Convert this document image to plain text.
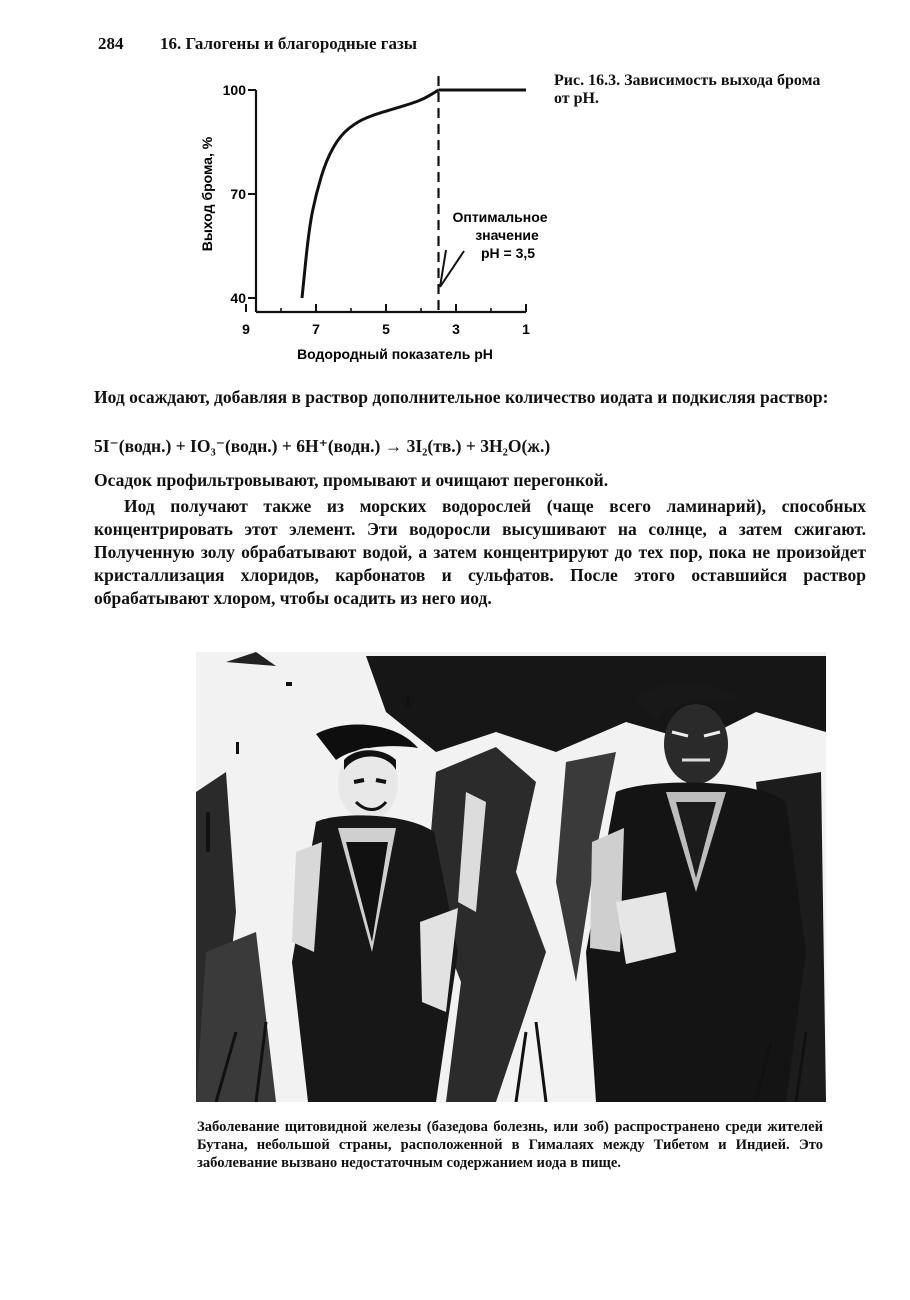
284 16. Галогены и благородные газы
100
70
40
9	7	5	3	1
Оптимальное
значение
pH = 3,5
Водородный показатель pH
Выход брома, %
Рис. 16.3. Зависимость выхода брома
от pH.
Иод осаждают, добавляя в раствор дополнительное количество иодата и подкисляя раствор:
5I⁻(водн.) + IO₃⁻(водн.) + 6H⁺(водн.) → 3I₂(тв.) + 3H₂O(ж.)
Осадок профильтровывают, промывают и очищают перегонкой.
Иод получают также из морских водорослей (чаще всего ламинарий), способных концентрировать этот элемент. Эти водоросли высушивают на солнце, а затем сжигают. Полученную золу обрабатывают водой, а затем концентрируют до тех пор, пока не произойдет кристаллизация хлоридов, карбонатов и сульфатов. После этого оставшийся раствор обрабатывают хлором, чтобы осадить из него иод.
Заболевание щитовидной железы (базедова болезнь, или зоб) распространено среди жителей Бутана, небольшой страны, расположенной в Гималаях между Тибетом и Индией. Это заболевание вызвано недостаточным содержанием иода в пище.
